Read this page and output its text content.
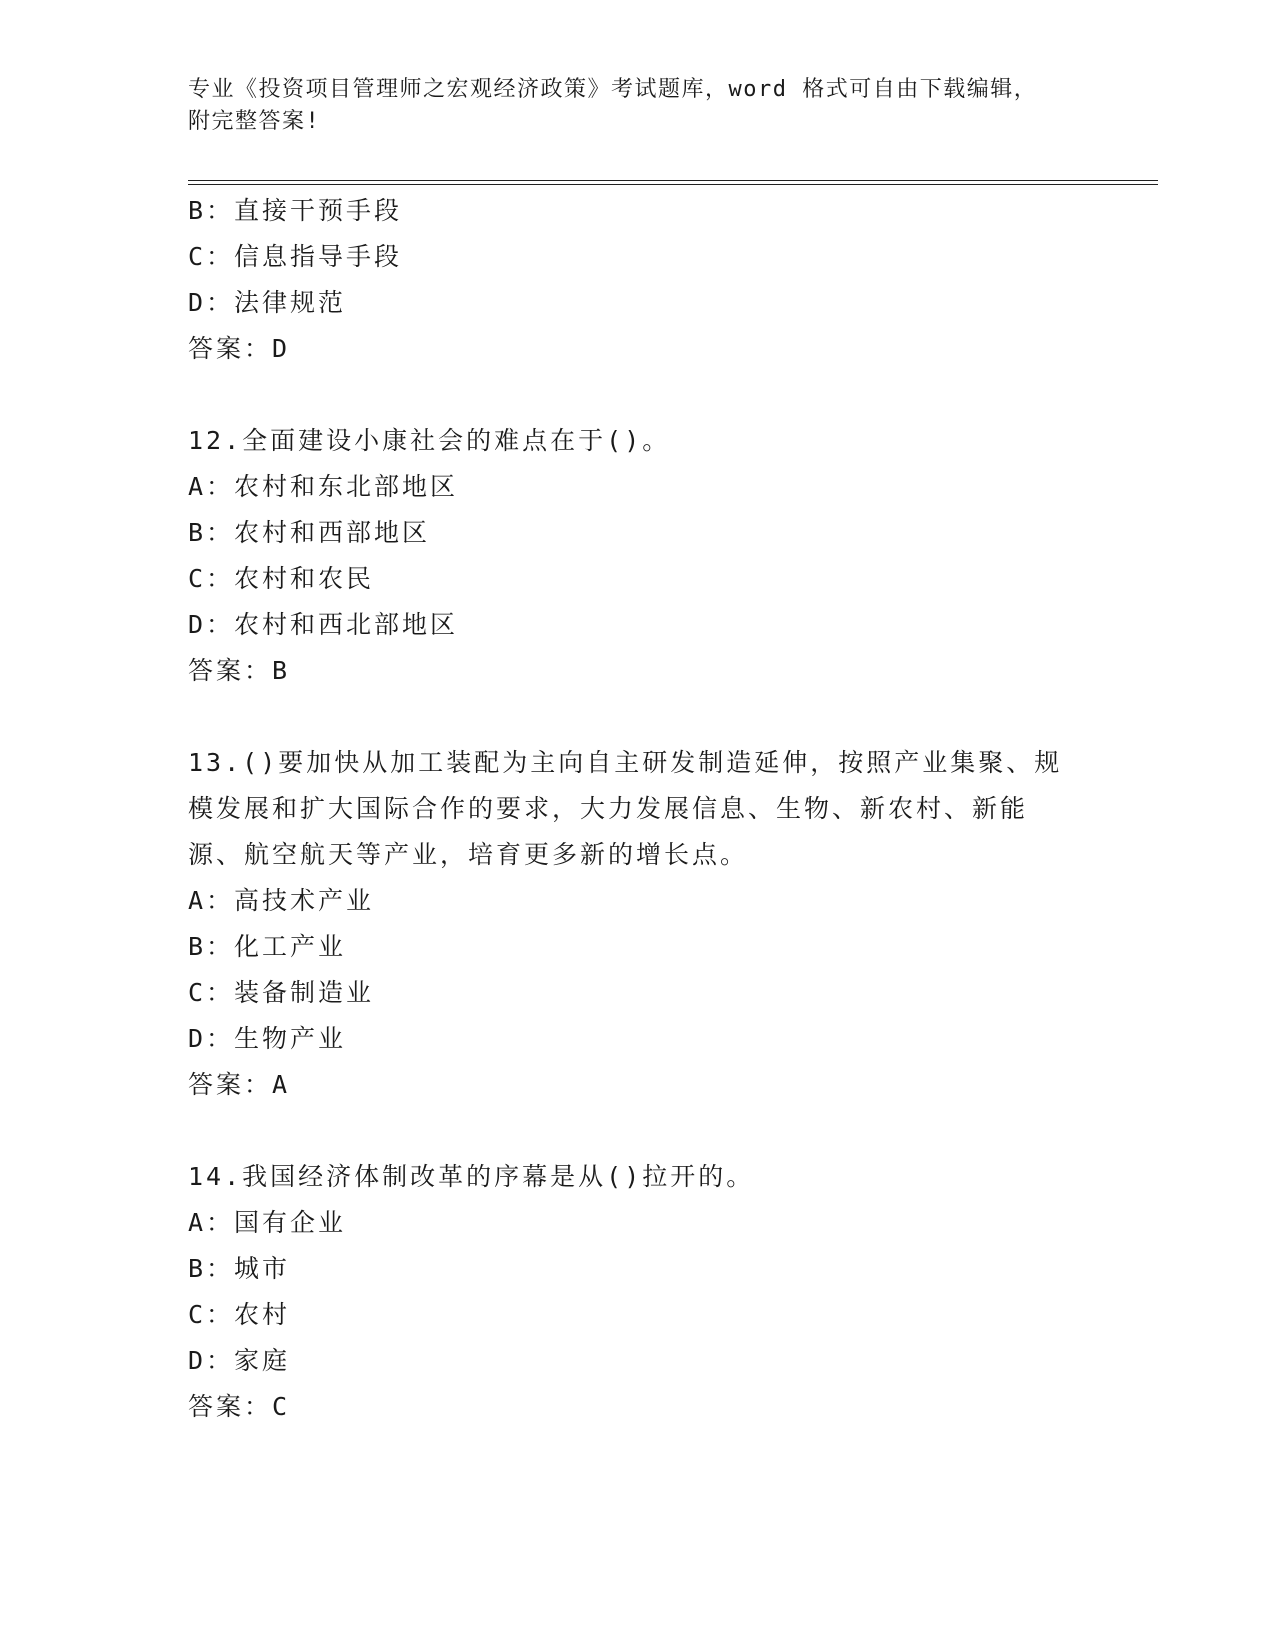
专业《投资项目管理师之宏观经济政策》考试题库，word 格式可自由下载编辑，
附完整答案!
B：直接干预手段
C：信息指导手段
D：法律规范
答案：D
12.全面建设小康社会的难点在于()。
A：农村和东北部地区
B：农村和西部地区
C：农村和农民
D：农村和西北部地区
答案：B
13.()要加快从加工装配为主向自主研发制造延伸，按照产业集聚、规
模发展和扩大国际合作的要求，大力发展信息、生物、新农村、新能
源、航空航天等产业，培育更多新的增长点。
A：高技术产业
B：化工产业
C：装备制造业
D：生物产业
答案：A
14.我国经济体制改革的序幕是从()拉开的。
A：国有企业
B：城市
C：农村
D：家庭
答案：C
